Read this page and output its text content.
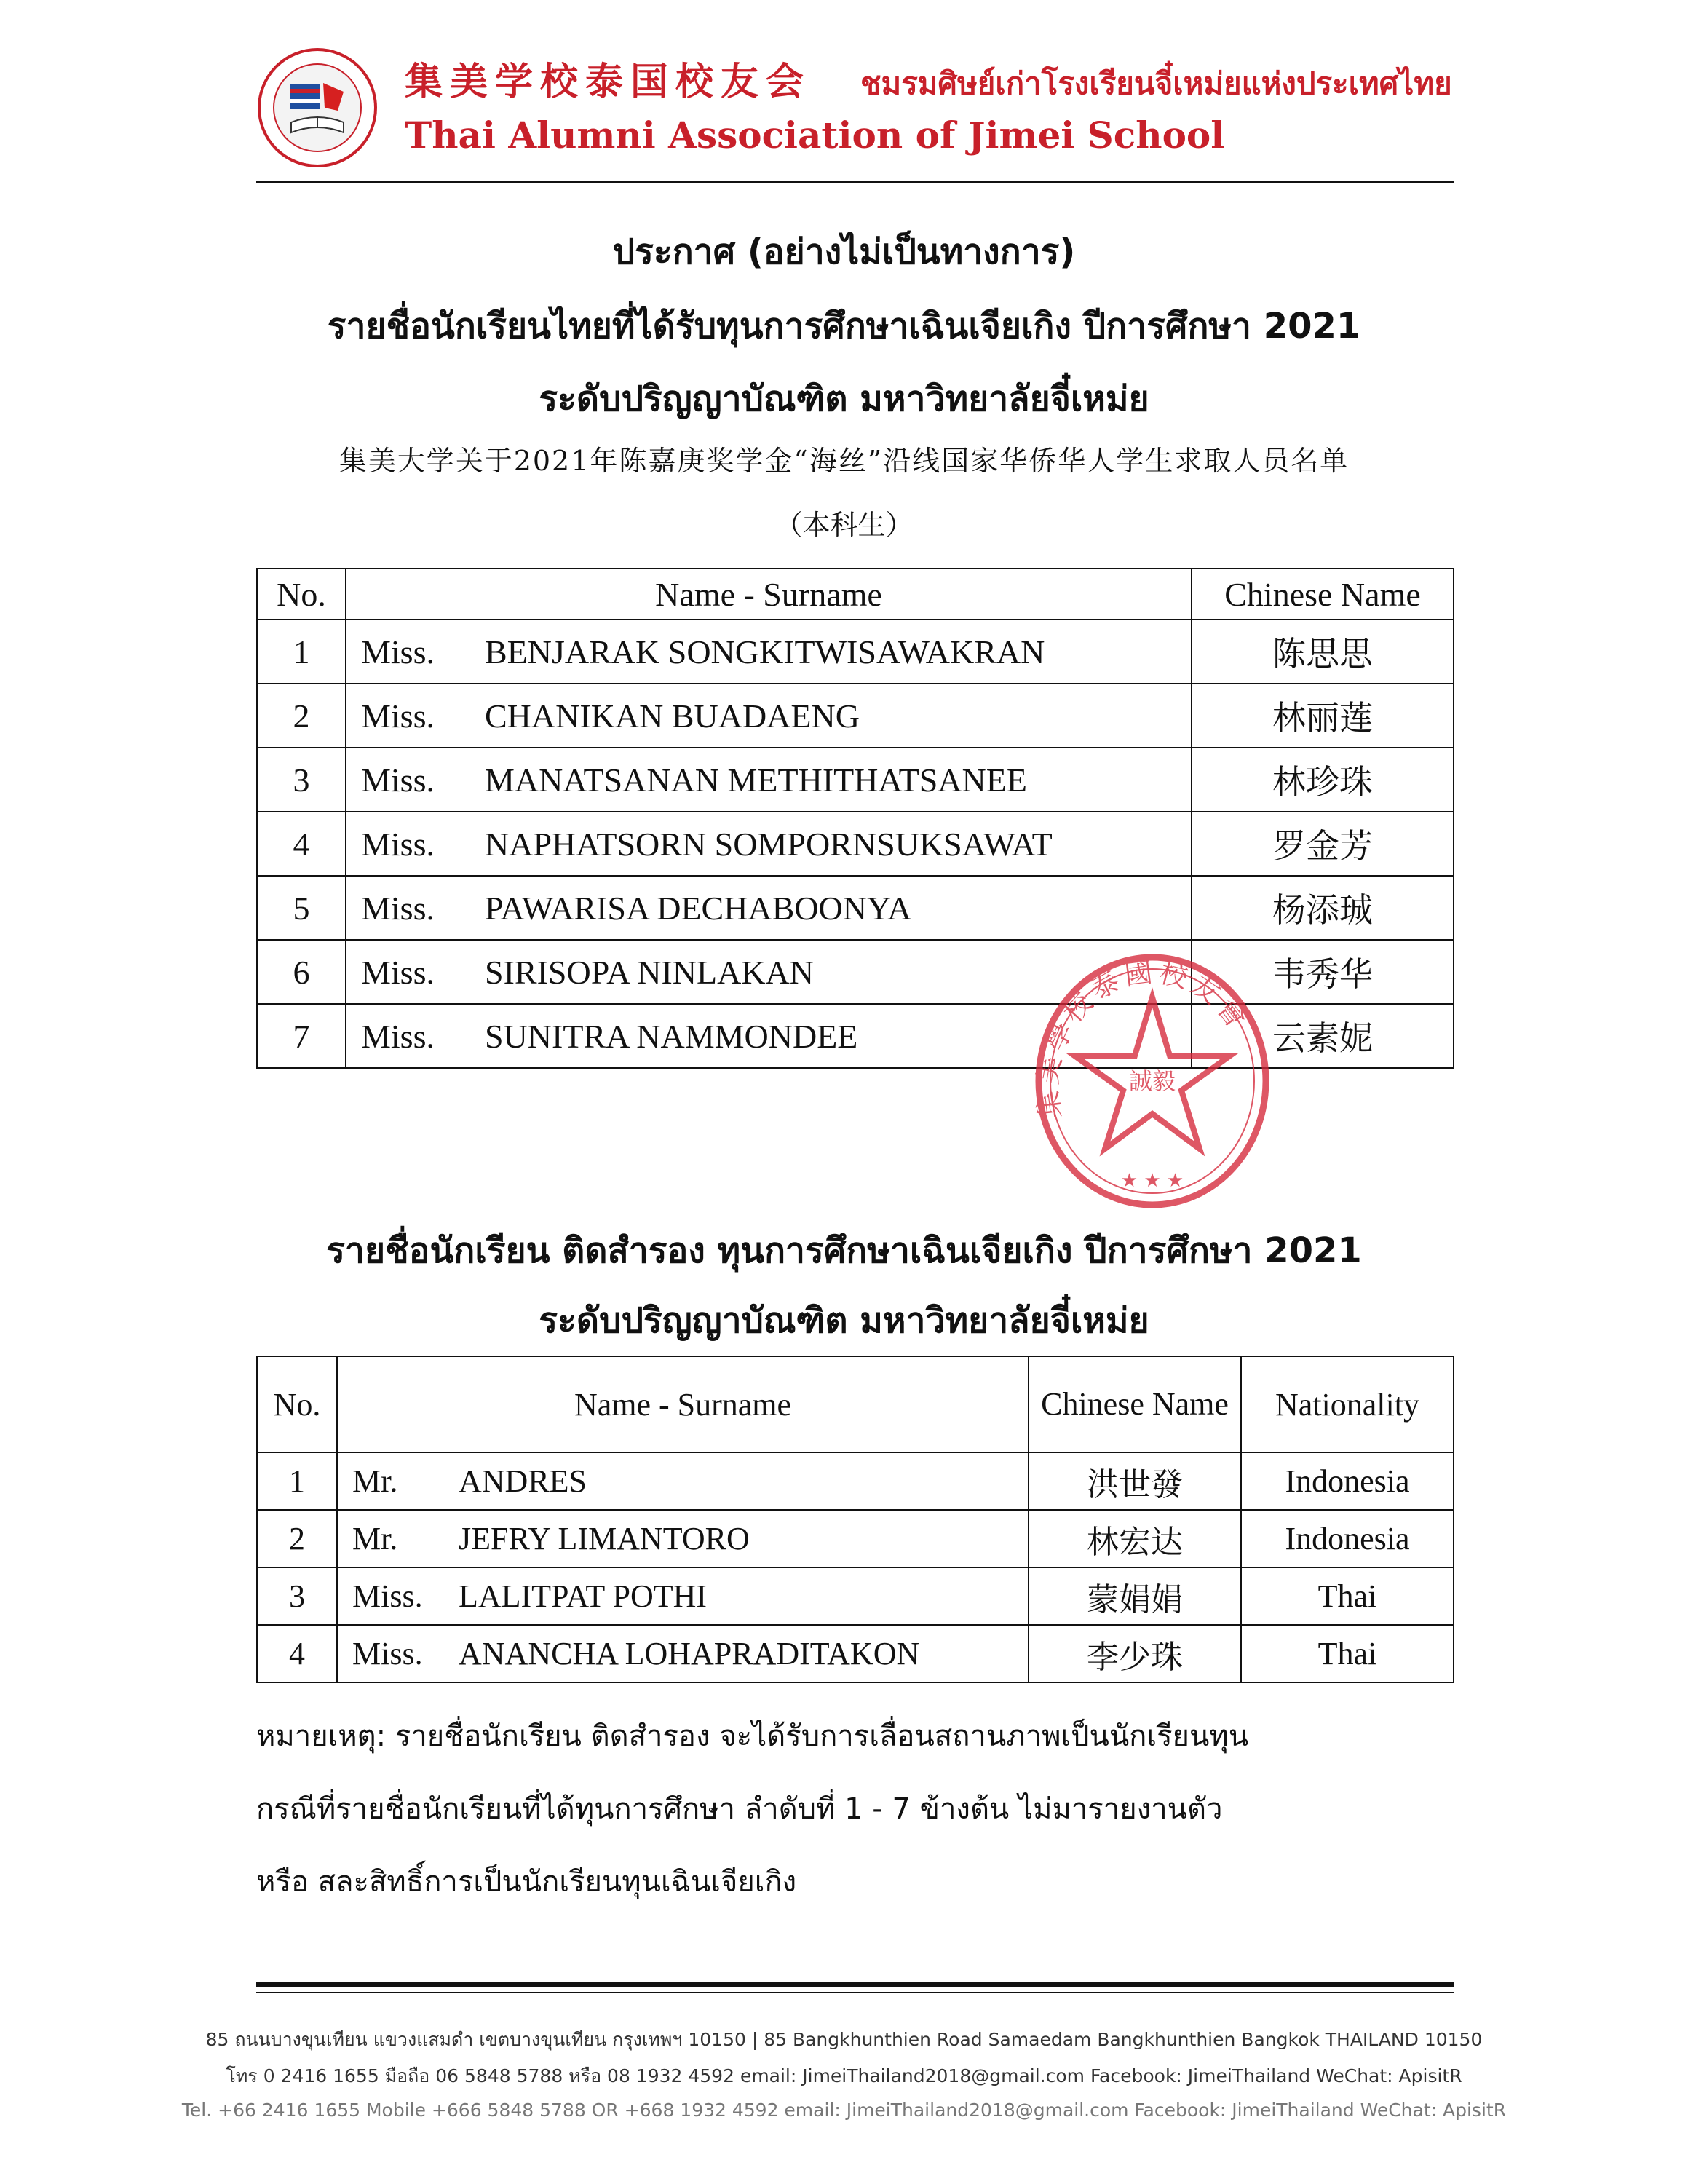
集美学校泰国校友会 ชมรมศิษย์เก่าโรงเรียนจี๋เหม่ยแห่งประเทศไทย
Thai Alumni Association of Jimei School
ประกาศ (อย่างไม่เป็นทางการ)
รายชื่อนักเรียนไทยที่ได้รับทุนการศึกษาเฉินเจียเกิง ปีการศึกษา 2021
ระดับปริญญาบัณฑิต มหาวิทยาลัยจี๋เหม่ย
集美大学关于2021年陈嘉庚奖学金“海丝”沿线国家华侨华人学生求取人员名单
（本科生）
No.	Name - Surname	Chinese Name
1	Miss. BENJARAK SONGKITWISAWAKRAN	陈思思
2	Miss. CHANIKAN BUADAENG	林丽莲
3	Miss. MANATSANAN METHITHATSANEE	林珍珠
4	Miss. NAPHATSORN SOMPORNSUKSAWAT	罗金芳
5	Miss. PAWARISA DECHABOONYA	杨添珹
6	Miss. SIRISOPA NINLAKAN	韦秀华
7	Miss. SUNITRA NAMMONDEE	云素妮
誠毅
集美學校泰國校友會
★ ★ ★
รายชื่อนักเรียน ติดสำรอง ทุนการศึกษาเฉินเจียเกิง ปีการศึกษา 2021
ระดับปริญญาบัณฑิต มหาวิทยาลัยจี๋เหม่ย
No.	Name - Surname	Chinese Name	Nationality
1	Mr. ANDRES	洪世發	Indonesia
2	Mr. JEFRY LIMANTORO	林宏达	Indonesia
3	Miss. LALITPAT POTHI	蒙娟娟	Thai
4	Miss. ANANCHA LOHAPRADITAKON	李少珠	Thai
หมายเหตุ: รายชื่อนักเรียน ติดสำรอง จะได้รับการเลื่อนสถานภาพเป็นนักเรียนทุน
กรณีที่รายชื่อนักเรียนที่ได้ทุนการศึกษา ลำดับที่ 1 - 7 ข้างต้น ไม่มารายงานตัว
หรือ สละสิทธิ์การเป็นนักเรียนทุนเฉินเจียเกิง
85 ถนนบางขุนเทียน แขวงแสมดำ เขตบางขุนเทียน กรุงเทพฯ 10150 | 85 Bangkhunthien Road Samaedam Bangkhunthien Bangkok THAILAND 10150
โทร 0 2416 1655 มือถือ 06 5848 5788 หรือ 08 1932 4592 email: JimeiThailand2018@gmail.com Facebook: JimeiThailand WeChat: ApisitR
Tel. +66 2416 1655 Mobile +666 5848 5788 OR +668 1932 4592 email: JimeiThailand2018@gmail.com Facebook: JimeiThailand WeChat: ApisitR
